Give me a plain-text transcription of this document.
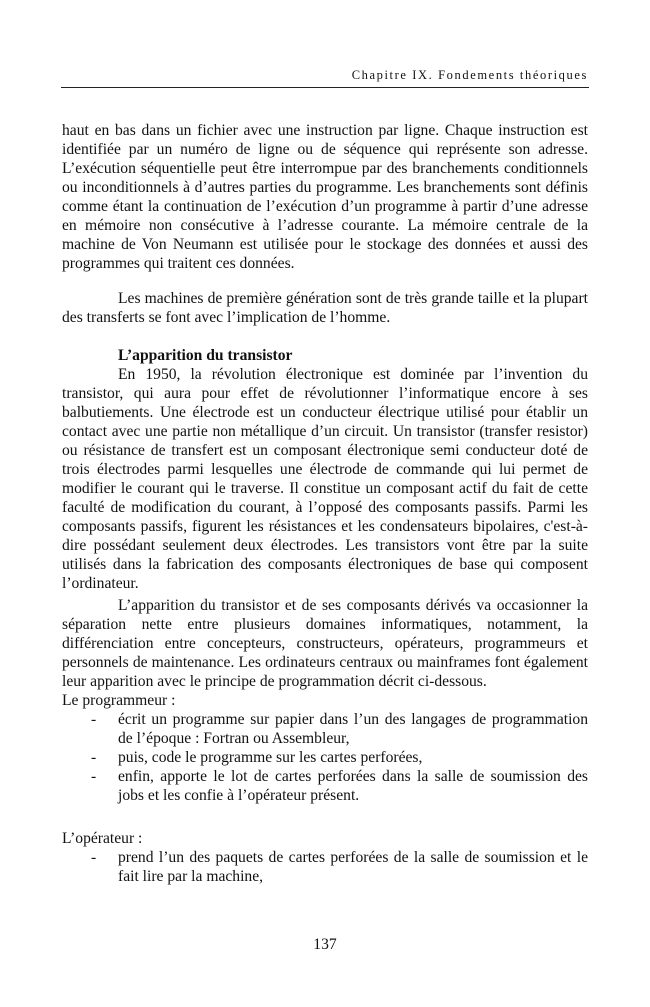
Chapitre IX. Fondements théoriques

haut en bas dans un fichier avec une instruction par ligne. Chaque instruction est identifiée par un numéro de ligne ou de séquence qui représente son adresse. L’exécution séquentielle peut être interrompue par des branchements conditionnels ou inconditionnels à d’autres parties du programme. Les branchements sont définis comme étant la continuation de l’exécution d’un programme à partir d’une adresse en mémoire non consécutive à l’adresse courante. La mémoire centrale de la machine de Von Neumann est utilisée pour le stockage des données et aussi des programmes qui traitent ces données.

Les machines de première génération sont de très grande taille et la plupart des transferts se font avec l’implication de l’homme.

L’apparition du transistor

En 1950, la révolution électronique est dominée par l’invention du transistor, qui aura pour effet de révolutionner l’informatique encore à ses balbutiements. Une électrode est un conducteur électrique utilisé pour établir un contact avec une partie non métallique d’un circuit. Un transistor (transfer resistor) ou résistance de transfert est un composant électronique semi conducteur doté de trois électrodes parmi lesquelles une électrode de commande qui lui permet de modifier le courant qui le traverse. Il constitue un composant actif du fait de cette faculté de modification du courant, à l’opposé des composants passifs. Parmi les composants passifs, figurent les résistances et les condensateurs bipolaires, c'est-à-dire possédant seulement deux électrodes. Les transistors vont être par la suite utilisés dans la fabrication des composants électroniques de base qui composent l’ordinateur.

L’apparition du transistor et de ses composants dérivés va occasionner la séparation nette entre plusieurs domaines informatiques, notamment, la différenciation entre concepteurs, constructeurs, opérateurs, programmeurs et personnels de maintenance. Les ordinateurs centraux ou mainframes font également leur apparition avec le principe de programmation décrit ci-dessous.

Le programmeur :

- écrit un programme sur papier dans l’un des langages de programmation de l’époque : Fortran ou Assembleur,
- puis, code le programme sur les cartes perforées,
- enfin, apporte le lot de cartes perforées dans la salle de soumission des jobs et les confie à l’opérateur présent.

L’opérateur :

- prend l’un des paquets de cartes perforées de la salle de soumission et le fait lire par la machine,
137
